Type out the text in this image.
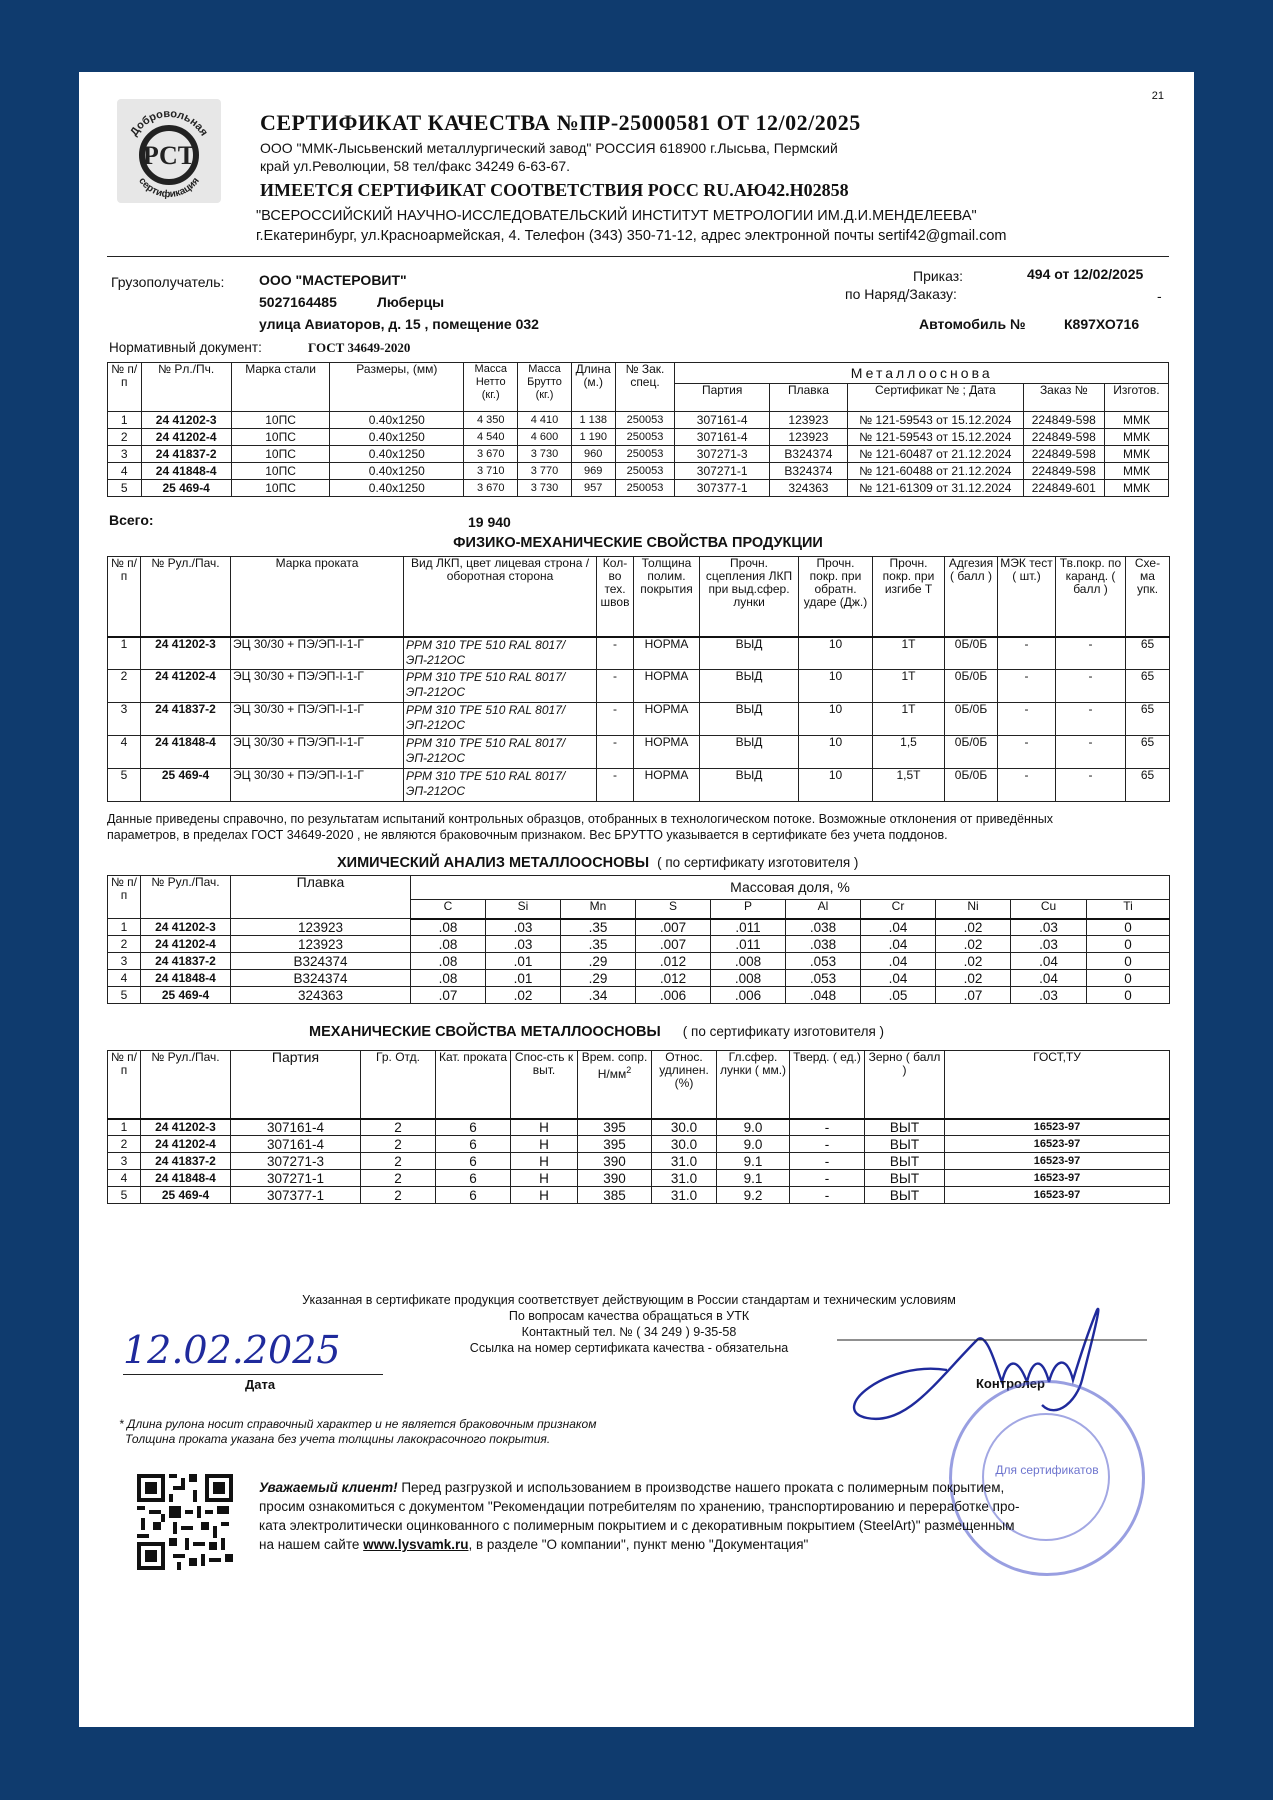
21
Добровольная
РСТ
сертификация
СЕРТИФИКАТ КАЧЕСТВА №ПР-25000581 ОТ 12/02/2025
ООО "ММК-Лысьвенский металлургический завод" РОССИЯ 618900 г.Лысьва, Пермский
край ул.Революции, 58 тел/факс 34249 6-63-67.
ИМЕЕТСЯ СЕРТИФИКАТ СООТВЕТСТВИЯ РОСС RU.АЮ42.Н02858
"ВСЕРОССИЙСКИЙ НАУЧНО-ИССЛЕДОВАТЕЛЬСКИЙ ИНСТИТУТ МЕТРОЛОГИИ ИМ.Д.И.МЕНДЕЛЕЕВА"
г.Екатеринбург, ул.Красноармейская, 4. Телефон (343) 350-71-12, адрес электронной почты sertif42@gmail.com
Грузополучатель: ООО "МАСТЕРОВИТ"
5027164485	Люберцы
улица Авиаторов, д. 15 , помещение 032
Приказ:	494 от 12/02/2025
по Наряд/Заказу:	-
Автомобиль №	К897ХО716
Нормативный документ:	ГОСТ 34649-2020
№ п/п	№ Рл./Пч.	Марка стали	Размеры, (мм)	Масса Нетто (кг.)	Масса Брутто (кг.)	Длина (м.)	№ Зак. спец.	Металлооснова				
								Партия	Плавка	Сертификат № ; Дата	Заказ №	Изготов.
1	24 41202-3	10ПС	0.40x1250	4 350	4 410	1 138	250053	307161-4	123923	№ 121-59543 от 15.12.2024	224849-598	ММК
2	24 41202-4	10ПС	0.40x1250	4 540	4 600	1 190	250053	307161-4	123923	№ 121-59543 от 15.12.2024	224849-598	ММК
3	24 41837-2	10ПС	0.40x1250	3 670	3 730	960	250053	307271-3	В324374	№ 121-60487 от 21.12.2024	224849-598	ММК
4	24 41848-4	10ПС	0.40x1250	3 710	3 770	969	250053	307271-1	В324374	№ 121-60488 от 21.12.2024	224849-598	ММК
5	25 469-4	10ПС	0.40x1250	3 670	3 730	957	250053	307377-1	324363	№ 121-61309 от 31.12.2024	224849-601	ММК
Всего:	19 940
ФИЗИКО-МЕХАНИЧЕСКИЕ СВОЙСТВА ПРОДУКЦИИ
№ п/п	№ Рул./Пач.	Марка проката	Вид ЛКП, цвет лицевая строна / оборотная сторона	Кол-во тех. швов	Толщина полим. покрытия	Прочн. сцепления ЛКП при выд.сфер. лунки	Прочн. покр. при обратн. ударе (Дж.)	Прочн. покр. при изгибе Т	Адгезия ( балл )	МЭК тест ( шт.)	Тв.покр. по каранд. ( балл )	Схе-ма упк.
1	24 41202-3	ЭЦ 30/30 + ПЭ/ЭП-I-1-Г	PPM 310 TPE 510 RAL 8017/
ЭП-212ОС	-	НОРМА	ВЫД	10	1Т	0Б/0Б	-	-	65
2	24 41202-4	ЭЦ 30/30 + ПЭ/ЭП-I-1-Г	PPM 310 TPE 510 RAL 8017/
ЭП-212ОС	-	НОРМА	ВЫД	10	1Т	0Б/0Б	-	-	65
3	24 41837-2	ЭЦ 30/30 + ПЭ/ЭП-I-1-Г	PPM 310 TPE 510 RAL 8017/
ЭП-212ОС	-	НОРМА	ВЫД	10	1Т	0Б/0Б	-	-	65
4	24 41848-4	ЭЦ 30/30 + ПЭ/ЭП-I-1-Г	PPM 310 TPE 510 RAL 8017/
ЭП-212ОС	-	НОРМА	ВЫД	10	1,5	0Б/0Б	-	-	65
5	25 469-4	ЭЦ 30/30 + ПЭ/ЭП-I-1-Г	PPM 310 TPE 510 RAL 8017/
ЭП-212ОС	-	НОРМА	ВЫД	10	1,5Т	0Б/0Б	-	-	65
Данные приведены справочно, по результатам испытаний контрольных образцов, отобранных в технологическом потоке. Возможные отклонения от приведённых
параметров, в пределах ГОСТ 34649-2020 , не являются браковочным признаком. Вес БРУТТО указывается в сертификате без учета поддонов.
ХИМИЧЕСКИЙ АНАЛИЗ МЕТАЛЛООСНОВЫ ( по сертификату изготовителя )
№ п/п	№ Рул./Пач.	Плавка	Массовая доля, %									
			C	Si	Mn	S	P	Al	Cr	Ni	Cu	Ti
1	24 41202-3	123923	.08	.03	.35	.007	.011	.038	.04	.02	.03	0
2	24 41202-4	123923	.08	.03	.35	.007	.011	.038	.04	.02	.03	0
3	24 41837-2	В324374	.08	.01	.29	.012	.008	.053	.04	.02	.04	0
4	24 41848-4	В324374	.08	.01	.29	.012	.008	.053	.04	.02	.04	0
5	25 469-4	324363	.07	.02	.34	.006	.006	.048	.05	.07	.03	0
МЕХАНИЧЕСКИЕ СВОЙСТВА МЕТАЛЛООСНОВЫ ( по сертификату изготовителя )
№ п/п	№ Рул./Пач.	Партия	Гр. Отд.	Кат. проката	Спос-сть к выт.	Врем. сопр. $Н/мм^2$	Относ. удлинен. (%)	Гл.сфер. лунки ( мм.)	Тверд. ( ед.)	Зерно ( балл )	ГОСТ,ТУ
1	24 41202-3	307161-4	2	6	Н	395	30.0	9.0	-	ВЫТ	16523-97
2	24 41202-4	307161-4	2	6	Н	395	30.0	9.0	-	ВЫТ	16523-97
3	24 41837-2	307271-3	2	6	Н	390	31.0	9.1	-	ВЫТ	16523-97
4	24 41848-4	307271-1	2	6	Н	390	31.0	9.1	-	ВЫТ	16523-97
5	25 469-4	307377-1	2	6	Н	385	31.0	9.2	-	ВЫТ	16523-97
Указанная в сертификате продукция соответствует действующим в России стандартам и техническим условиям
По вопросам качества обращаться в УТК
Контактный тел. № ( 34 249 ) 9-35-58
Ссылка на номер сертификата качества - обязательна
12.02.2025
Дата	Контролер
Для сертификатов
* Длина рулона носит справочный характер и не является браковочным признаком
Толщина проката указана без учета толщины лакокрасочного покрытия.
Уважаемый клиент! Перед разгрузкой и использованием в производстве нашего проката с полимерным покрытием,
просим ознакомиться с документом "Рекомендации потребителям по хранению, транспортированию и переработке про-
ката электролитически оцинкованного с полимерным покрытием и с декоративным покрытием (SteelArt)" размещенным
на нашем сайте www.lysvamk.ru, в разделе "О компании", пункт меню "Документация"
